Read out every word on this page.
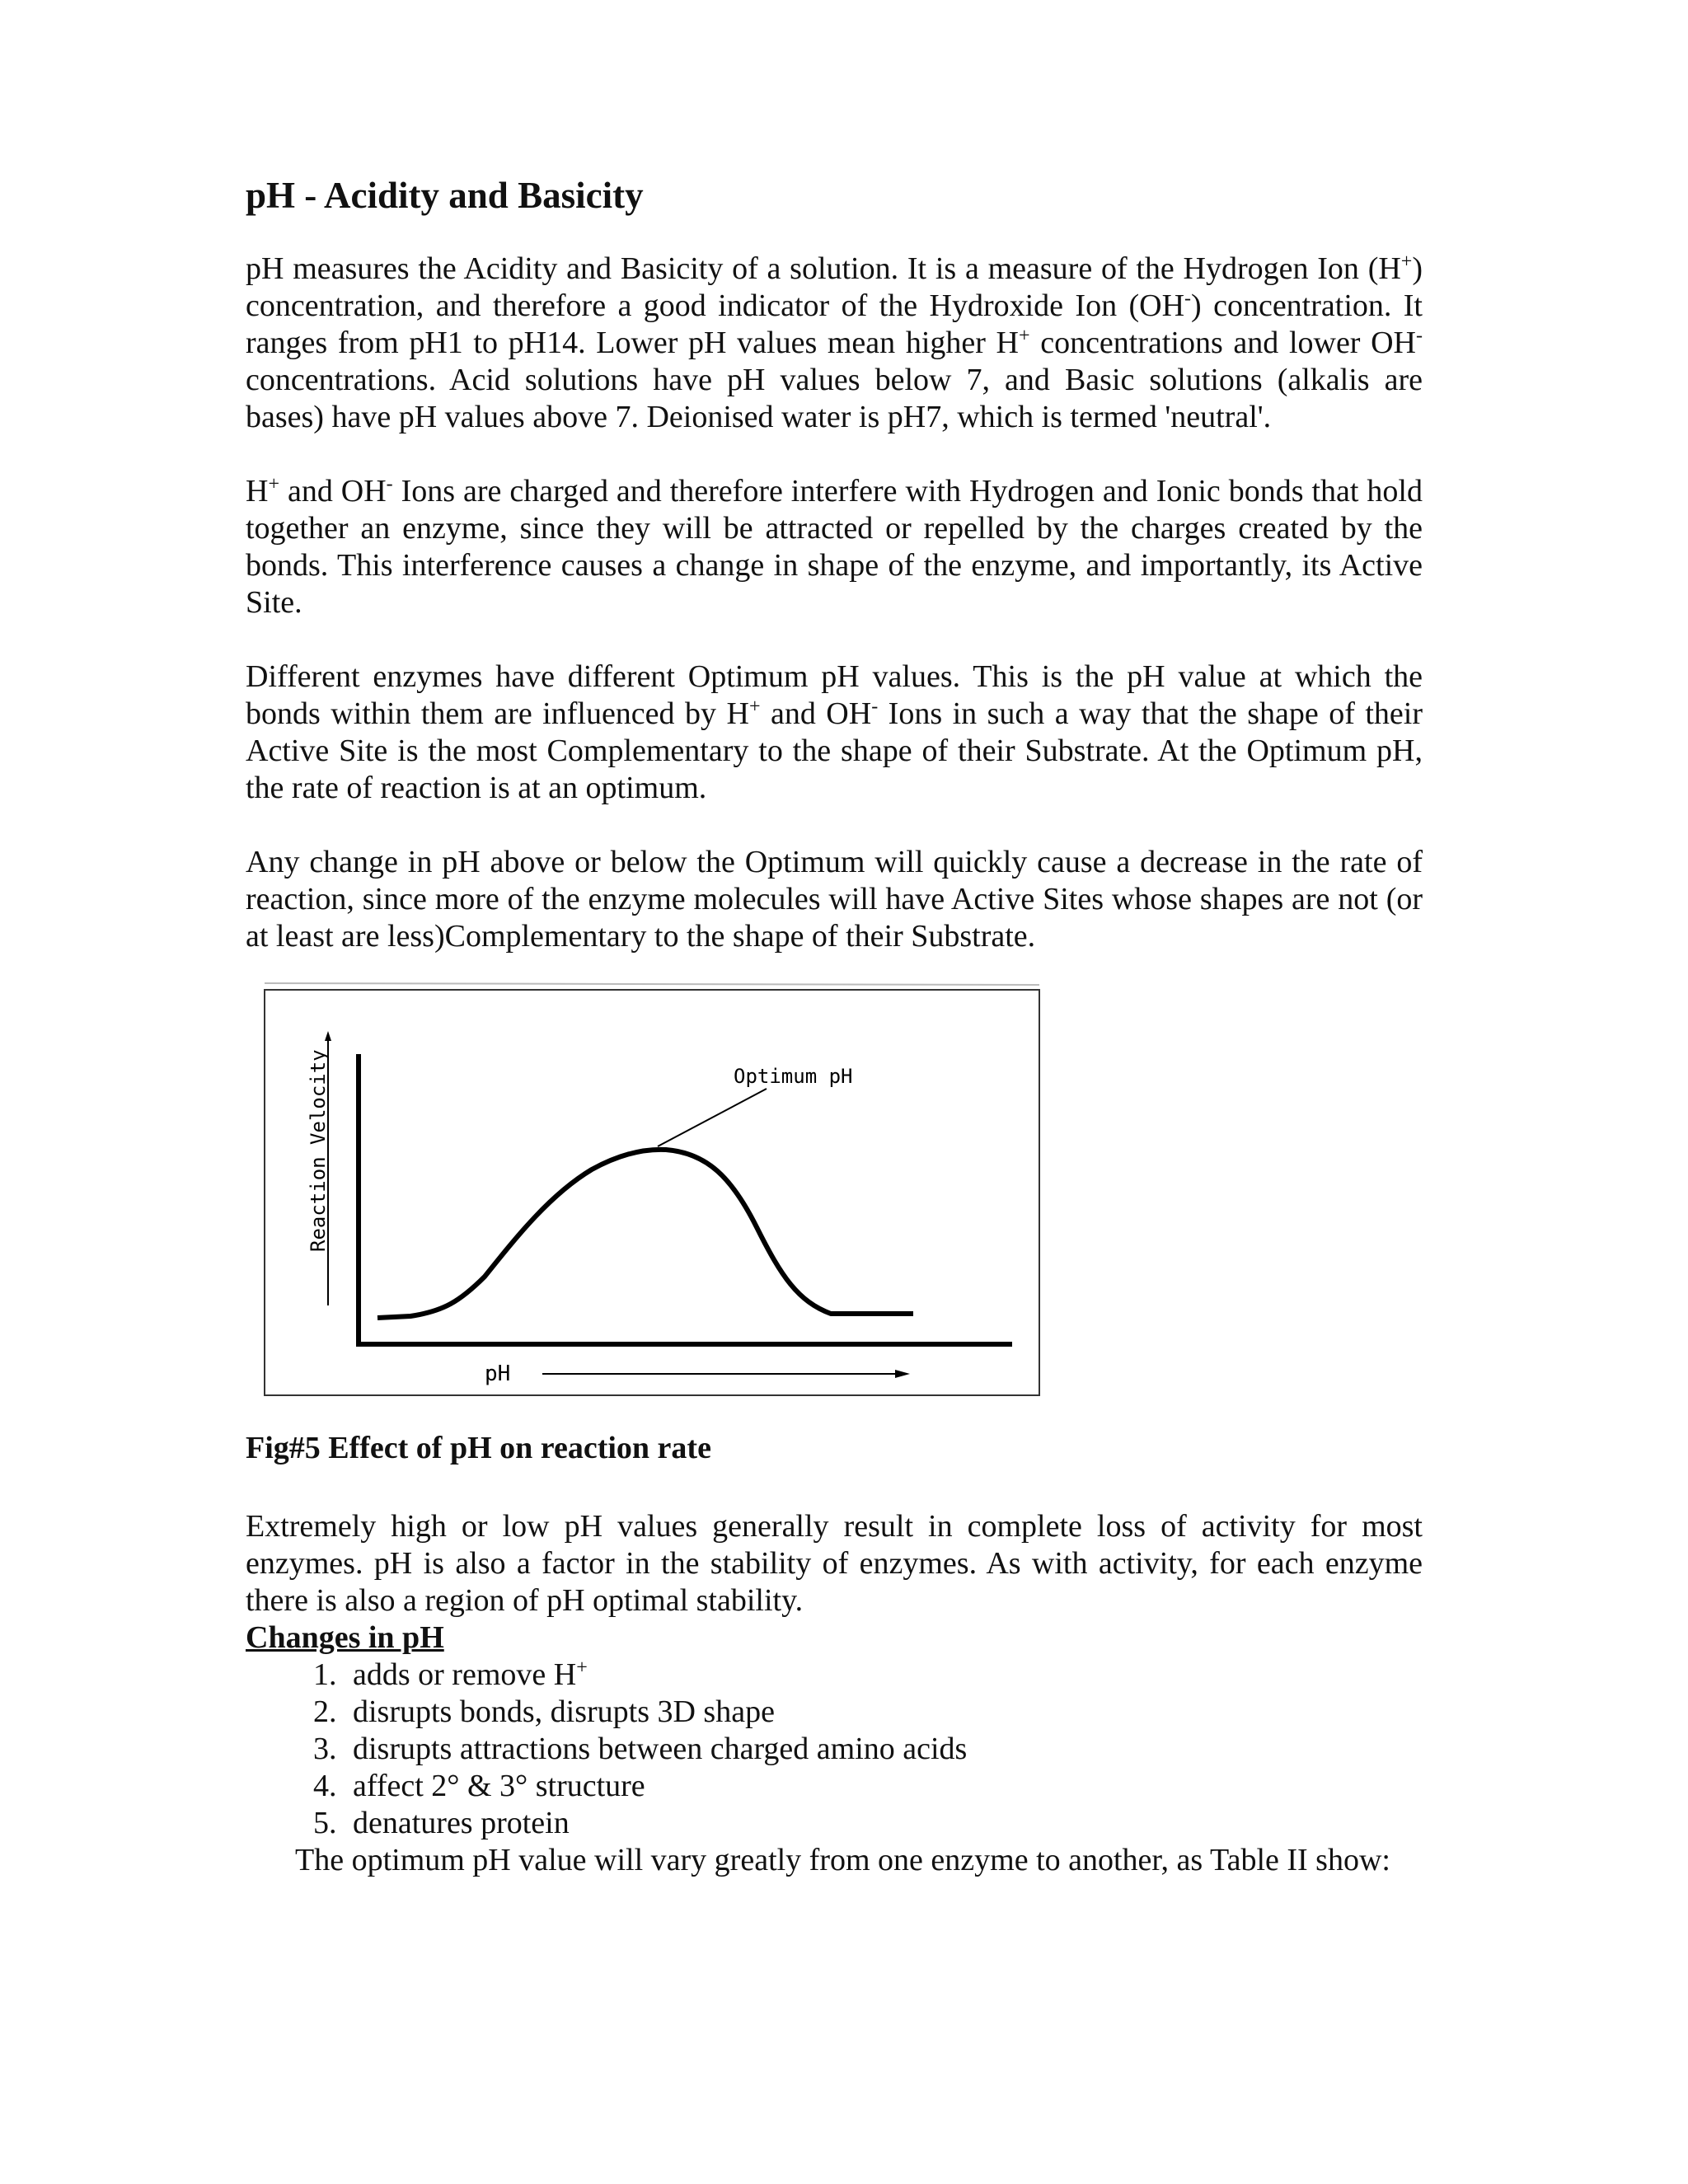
pH - Acidity and Basicity

pH measures the Acidity and Basicity of a solution. It is a measure of the Hydrogen Ion (H+) concentration, and therefore a good indicator of the Hydroxide Ion (OH-) concentration. It ranges from pH1 to pH14. Lower pH values mean higher H+ concentrations and lower OH- concentrations. Acid solutions have pH values below 7, and Basic solutions (alkalis are bases) have pH values above 7. Deionised water is pH7, which is termed 'neutral'.

H+ and OH- Ions are charged and therefore interfere with Hydrogen and Ionic bonds that hold together an enzyme, since they will be attracted or repelled by the charges created by the bonds. This interference causes a change in shape of the enzyme, and importantly, its Active Site.

Different enzymes have different Optimum pH values. This is the pH value at which the bonds within them are influenced by H+ and OH- Ions in such a way that the shape of their Active Site is the most Complementary to the shape of their Substrate. At the Optimum pH, the rate of reaction is at an optimum.

Any change in pH above or below the Optimum will quickly cause a decrease in the rate of reaction, since more of the enzyme molecules will have Active Sites whose shapes are not (or at least are less)Complementary to the shape of their Substrate.

pH
Reaction Velocity	Optimum pH

Fig#5 Effect of pH on reaction rate

Extremely high or low pH values generally result in complete loss of activity for most enzymes. pH is also a factor in the stability of enzymes. As with activity, for each enzyme there is also a region of pH optimal stability.

Changes in pH
1. adds or remove H+
2. disrupts bonds, disrupts 3D shape
3. disrupts attractions between charged amino acids
4. affect 2° & 3° structure
5. denatures protein

The optimum pH value will vary greatly from one enzyme to another, as Table II show:
